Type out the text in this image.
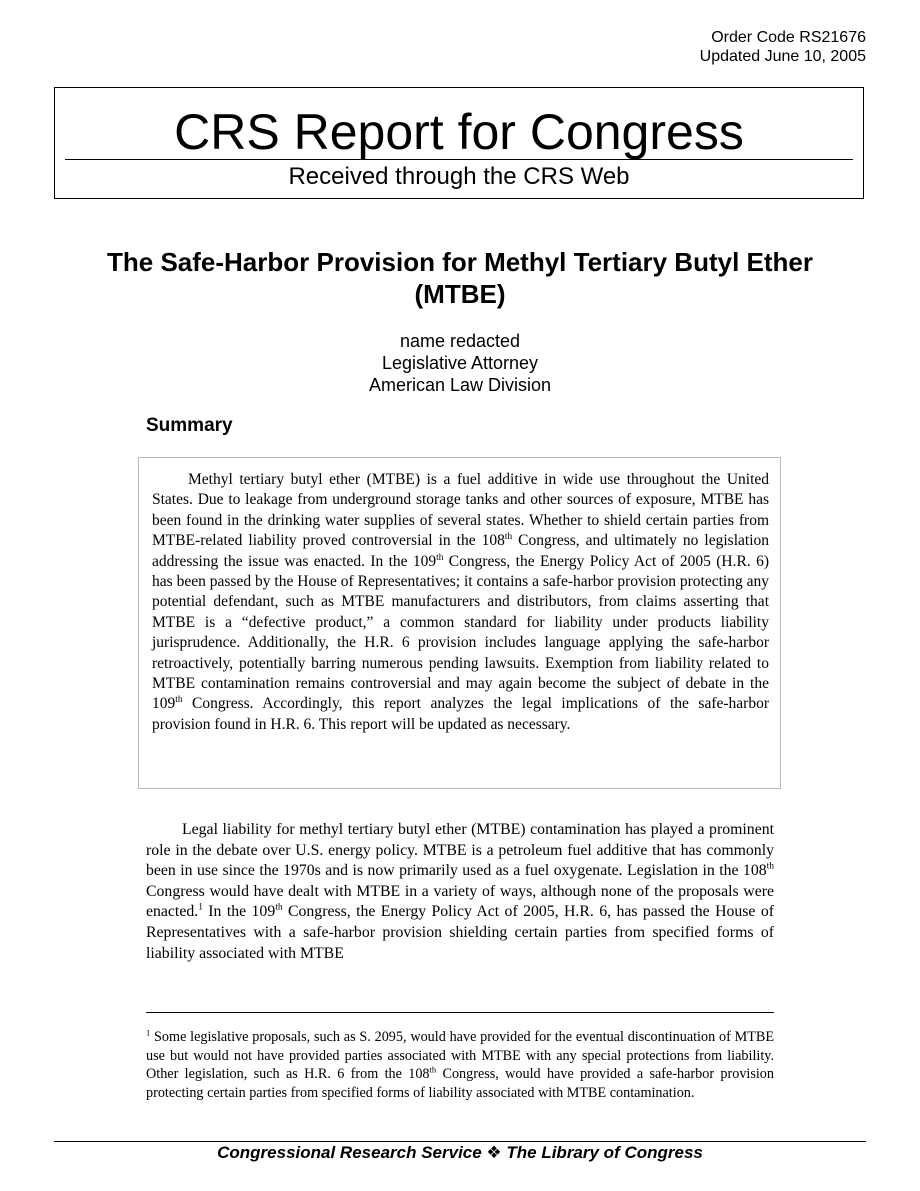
Order Code RS21676
Updated June 10, 2005
CRS Report for Congress
Received through the CRS Web
The Safe-Harbor Provision for Methyl Tertiary Butyl Ether (MTBE)
name redacted
Legislative Attorney
American Law Division
Summary

Methyl tertiary butyl ether (MTBE) is a fuel additive in wide use throughout the United States. Due to leakage from underground storage tanks and other sources of exposure, MTBE has been found in the drinking water supplies of several states. Whether to shield certain parties from MTBE-related liability proved controversial in the 108th Congress, and ultimately no legislation addressing the issue was enacted. In the 109th Congress, the Energy Policy Act of 2005 (H.R. 6) has been passed by the House of Representatives; it contains a safe-harbor provision protecting any potential defendant, such as MTBE manufacturers and distributors, from claims asserting that MTBE is a “defective product,” a common standard for liability under products liability jurisprudence. Additionally, the H.R. 6 provision includes language applying the safe-harbor retroactively, potentially barring numerous pending lawsuits. Exemption from liability related to MTBE contamination remains controversial and may again become the subject of debate in the 109th Congress. Accordingly, this report analyzes the legal implications of the safe-harbor provision found in H.R. 6. This report will be updated as necessary.

Legal liability for methyl tertiary butyl ether (MTBE) contamination has played a prominent role in the debate over U.S. energy policy. MTBE is a petroleum fuel additive that has commonly been in use since the 1970s and is now primarily used as a fuel oxygenate. Legislation in the 108th Congress would have dealt with MTBE in a variety of ways, although none of the proposals were enacted.$^1$ In the 109th Congress, the Energy Policy Act of 2005, H.R. 6, has passed the House of Representatives with a safe-harbor provision shielding certain parties from specified forms of liability associated with MTBE

$^1$ Some legislative proposals, such as S. 2095, would have provided for the eventual discontinuation of MTBE use but would not have provided parties associated with MTBE with any special protections from liability. Other legislation, such as H.R. 6 from the 108th Congress, would have provided a safe-harbor provision protecting certain parties from specified forms of liability associated with MTBE contamination.

Congressional Research Service ❖ The Library of Congress
